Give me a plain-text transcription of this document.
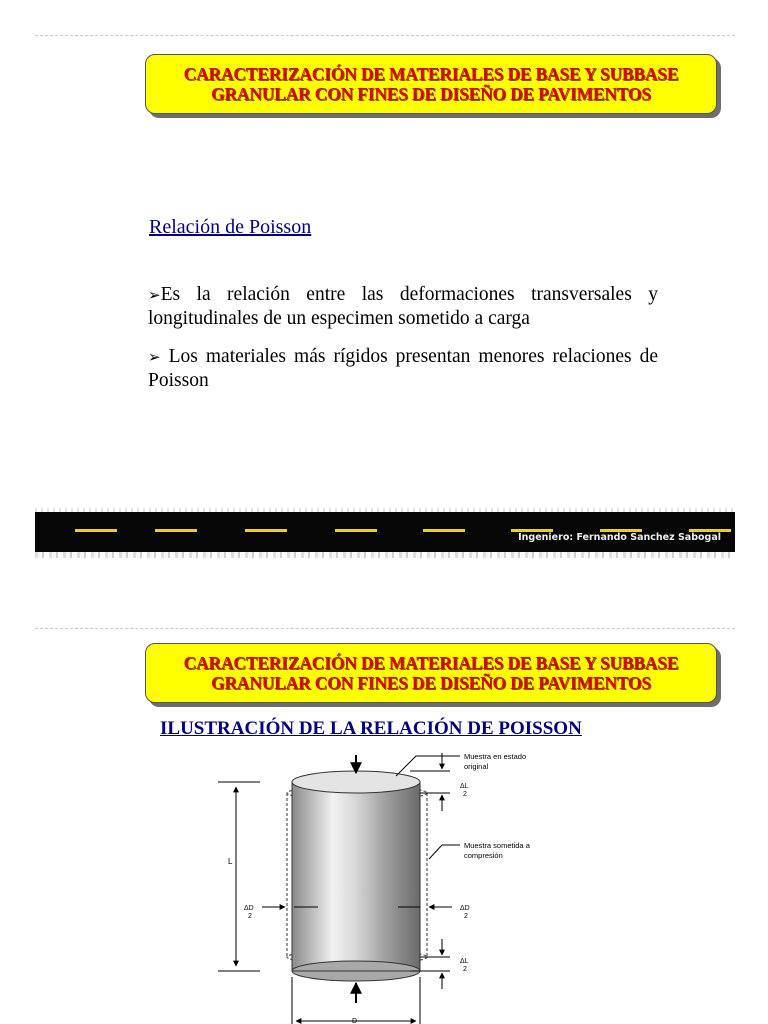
CARACTERIZACIÓN DE MATERIALES DE BASE Y SUBBASE
GRANULAR CON FINES DE DISEÑO DE PAVIMENTOS
Relación de Poisson
➢Es la relación entre las deformaciones transversales y longitudinales de un especimen sometido a carga
➢ Los materiales más rígidos presentan menores relaciones de Poisson
Ingeniero: Fernando Sanchez Sabogal
CARACTERIZACIÓN DE MATERIALES DE BASE Y SUBBASE
GRANULAR CON FINES DE DISEÑO DE PAVIMENTOS
ILUSTRACIÓN DE LA RELACIÓN DE POISSON
L
ΔD
2
ΔD
2
ΔL
2
ΔL
2
D
Muestra en estado
original
Muestra sometida a
compresión
